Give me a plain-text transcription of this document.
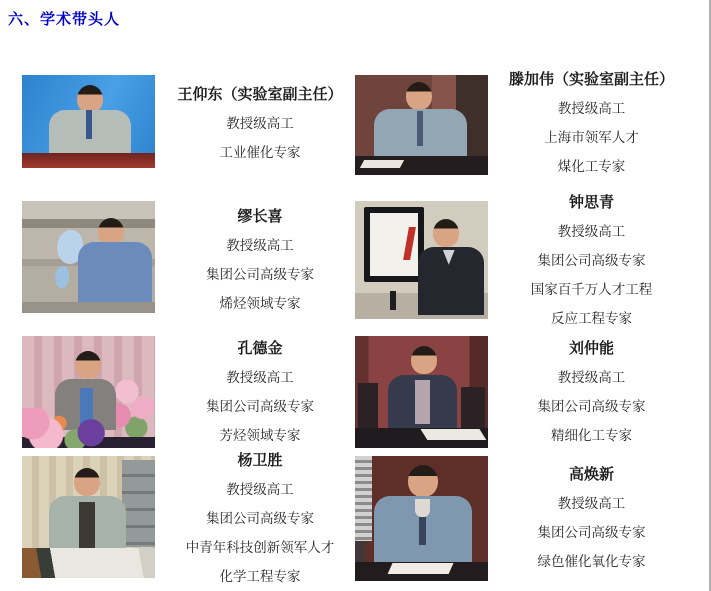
六、学术带头人
王仰东（实验室副主任）
教授级高工
工业催化专家
滕加伟（实验室副主任）
教授级高工
上海市领军人才
煤化工专家
缪长喜
教授级高工
集团公司高级专家
烯烃领域专家
钟思青
教授级高工
集团公司高级专家
国家百千万人才工程
反应工程专家
孔德金
教授级高工
集团公司高级专家
芳烃领域专家
刘仲能
教授级高工
集团公司高级专家
精细化工专家
杨卫胜
教授级高工
集团公司高级专家
中青年科技创新领军人才
化学工程专家
高焕新
教授级高工
集团公司高级专家
绿色催化氧化专家
